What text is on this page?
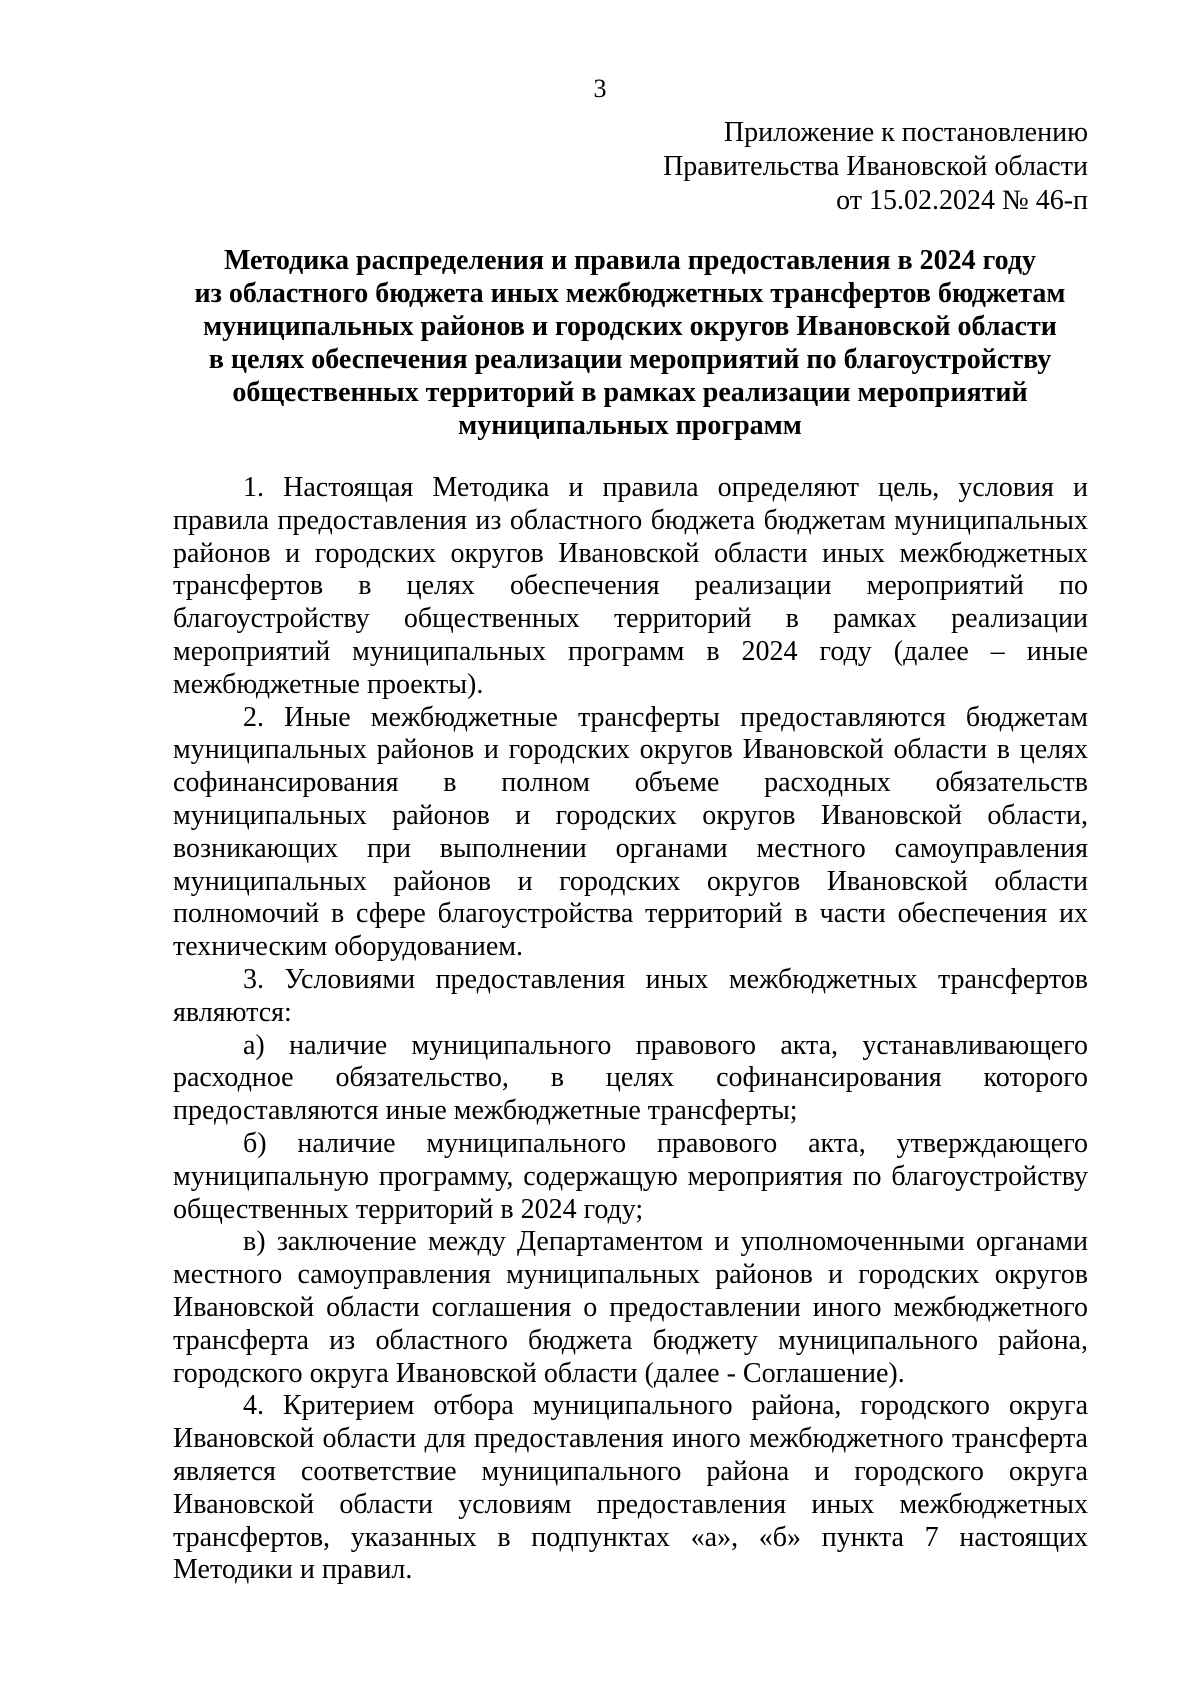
3
Приложение к постановлению
Правительства Ивановской области
от 15.02.2024 № 46-п
Методика распределения и правила предоставления в 2024 году
из областного бюджета иных межбюджетных трансфертов бюджетам
муниципальных районов и городских округов Ивановской области
в целях обеспечения реализации мероприятий по благоустройству
общественных территорий в рамках реализации мероприятий
муниципальных программ

1. Настоящая Методика и правила определяют цель, условия и правила предоставления из областного бюджета бюджетам муниципальных районов и городских округов Ивановской области иных межбюджетных трансфертов в целях обеспечения реализации мероприятий по благоустройству общественных территорий в рамках реализации мероприятий муниципальных программ в 2024 году (далее – иные межбюджетные проекты).

2. Иные межбюджетные трансферты предоставляются бюджетам муниципальных районов и городских округов Ивановской области в целях софинансирования в полном объеме расходных обязательств муниципальных районов и городских округов Ивановской области, возникающих при выполнении органами местного самоуправления муниципальных районов и городских округов Ивановской области полномочий в сфере благоустройства территорий в части обеспечения их техническим оборудованием.

3. Условиями предоставления иных межбюджетных трансфертов являются:

а) наличие муниципального правового акта, устанавливающего расходное обязательство, в целях софинансирования которого предоставляются иные межбюджетные трансферты;

б) наличие муниципального правового акта, утверждающего муниципальную программу, содержащую мероприятия по благоустройству общественных территорий в 2024 году;

в) заключение между Департаментом и уполномоченными органами местного самоуправления муниципальных районов и городских округов Ивановской области соглашения о предоставлении иного межбюджетного трансферта из областного бюджета бюджету муниципального района, городского округа Ивановской области (далее - Соглашение).

4. Критерием отбора муниципального района, городского округа Ивановской области для предоставления иного межбюджетного трансферта является соответствие муниципального района и городского округа Ивановской области условиям предоставления иных межбюджетных трансфертов, указанных в подпунктах «а», «б» пункта 7 настоящих Методики и правил.
